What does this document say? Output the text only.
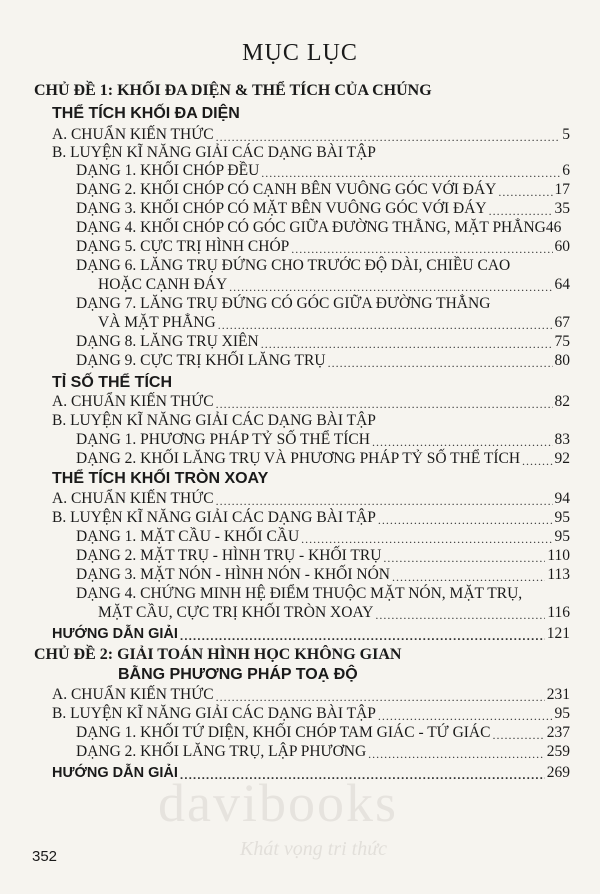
MỤC LỤC
CHỦ ĐỀ 1: KHỐI ĐA DIỆN & THỂ TÍCH CỦA CHÚNG
THỂ TÍCH KHỐI ĐA DIỆN
A. CHUẨN KIẾN THỨC .....	5
B. LUYỆN KĨ NĂNG GIẢI CÁC DẠNG BÀI TẬP
DẠNG 1. KHỐI CHÓP ĐỀU .....	6
DẠNG 2. KHỐI CHÓP CÓ CẠNH BÊN VUÔNG GÓC VỚI ĐÁY .....	17
DẠNG 3. KHỐI CHÓP CÓ MẶT BÊN VUÔNG GÓC VỚI ĐÁY .....	35
DẠNG 4. KHỐI CHÓP CÓ GÓC GIỮA ĐƯỜNG THẲNG, MẶT PHẲNG46
DẠNG 5. CỰC TRỊ HÌNH CHÓP .....	60
DẠNG 6. LĂNG TRỤ ĐỨNG CHO TRƯỚC ĐỘ DÀI, CHIỀU CAO
HOẶC CẠNH ĐÁY .....	64
DẠNG 7. LĂNG TRỤ ĐỨNG CÓ GÓC GIỮA ĐƯỜNG THẲNG
VÀ MẶT PHẲNG .....	67
DẠNG 8. LĂNG TRỤ XIÊN .....	75
DẠNG 9. CỰC TRỊ KHỐI LĂNG TRỤ .....	80
TỈ SỐ THỂ TÍCH
A. CHUẨN KIẾN THỨC .....	82
B. LUYỆN KĨ NĂNG GIẢI CÁC DẠNG BÀI TẬP
DẠNG 1. PHƯƠNG PHÁP TỶ SỐ THỂ TÍCH .....	83
DẠNG 2. KHỐI LĂNG TRỤ VÀ PHƯƠNG PHÁP TỶ SỐ THỂ TÍCH ..... 92
THỂ TÍCH KHỐI TRÒN XOAY
A. CHUẨN KIẾN THỨC .....	94
B. LUYỆN KĨ NĂNG GIẢI CÁC DẠNG BÀI TẬP .....	95
DẠNG 1. MẶT CẦU - KHỐI CẦU .....	95
DẠNG 2. MẶT TRỤ - HÌNH TRỤ - KHỐI TRỤ .....	110
DẠNG 3. MẶT NÓN - HÌNH NÓN - KHỐI NÓN .....	113
DẠNG 4. CHỨNG MINH HỆ ĐIỂM THUỘC MẶT NÓN, MẶT TRỤ,
MẶT CẦU, CỰC TRỊ KHỐI TRÒN XOAY .....	116
HƯỚNG DẪN GIẢI .....	121
CHỦ ĐỀ 2: GIẢI TOÁN HÌNH HỌC KHÔNG GIAN
BẰNG PHƯƠNG PHÁP TOẠ ĐỘ
A. CHUẨN KIẾN THỨC .....	231
B. LUYỆN KĨ NĂNG GIẢI CÁC DẠNG BÀI TẬP .....	95
DẠNG 1. KHỐI TỨ DIỆN, KHỐI CHÓP TAM GIÁC - TỨ GIÁC .....	237
DẠNG 2. KHỐI LĂNG TRỤ, LẬP PHƯƠNG .....	259
HƯỚNG DẪN GIẢI .....	269
davibooks
Khát vọng tri thức
352
